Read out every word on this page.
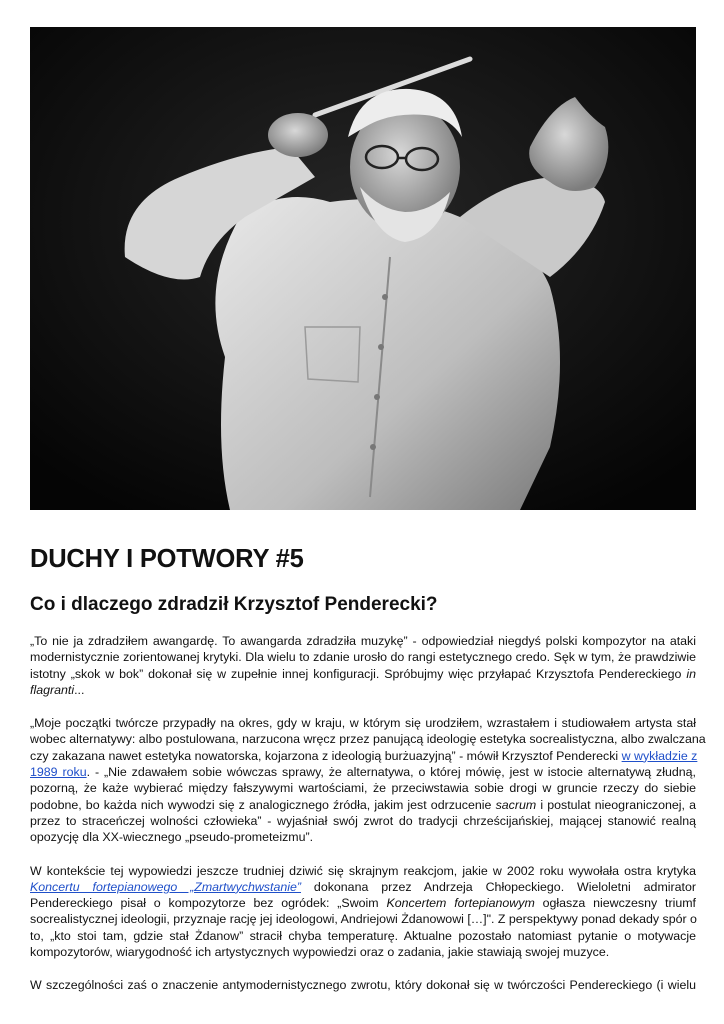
DUCHY I POTWORY #5
Co i dlaczego zdradził Krzysztof Penderecki?

„To nie ja zdradziłem awangardę. To awangarda zdradziła muzykę” - odpowiedział niegdyś polski kompozytor na ataki
modernistycznie zorientowanej krytyki. Dla wielu to zdanie urosło do rangi estetycznego credo. Sęk w tym, że prawdziwie
istotny „skok w bok” dokonał się w zupełnie innej konfiguracji. Spróbujmy więc przyłapać Krzysztofa Pendereckiego in
flagranti...

„Moje początki twórcze przypadły na okres, gdy w kraju, w którym się urodziłem, wzrastałem i studiowałem artysta stał
wobec alternatywy: albo postulowana, narzucona wręcz przez panującą ideologię estetyka socrealistyczna, albo zwalczana
czy zakazana nawet estetyka nowatorska, kojarzona z ideologią burżuazyjną” - mówił Krzysztof Penderecki w wykładzie z
1989 roku. - „Nie zdawałem sobie wówczas sprawy, że alternatywa, o której mówię, jest w istocie alternatywą złudną,
pozorną, że każe wybierać między fałszywymi wartościami, że przeciwstawia sobie drogi w gruncie rzeczy do siebie
podobne, bo każda nich wywodzi się z analogicznego źródła, jakim jest odrzucenie sacrum i postulat nieograniczonej, a
przez to straceńczej wolności człowieka” - wyjaśniał swój zwrot do tradycji chrześcijańskiej, mającej stanowić realną
opozycję dla XX-wiecznego „pseudo-prometeizmu”.

W kontekście tej wypowiedzi jeszcze trudniej dziwić się skrajnym reakcjom, jakie w 2002 roku wywołała ostra krytyka
Koncertu fortepianowego „Zmartwychwstanie” dokonana przez Andrzeja Chłopeckiego. Wieloletni admirator
Pendereckiego pisał o kompozytorze bez ogródek: „Swoim Koncertem fortepianowym ogłasza niewczesny triumf
socrealistycznej ideologii, przyznaje rację jej ideologowi, Andriejowi Żdanowowi […]". Z perspektywy ponad dekady spór o
to, „kto stoi tam, gdzie stał Żdanow” stracił chyba temperaturę. Aktualne pozostało natomiast pytanie o motywacje
kompozytorów, wiarygodność ich artystycznych wypowiedzi oraz o zadania, jakie stawiają swojej muzyce.

W szczególności zaś o znaczenie antymodernistycznego zwrotu, który dokonał się w twórczości Pendereckiego (i wielu
